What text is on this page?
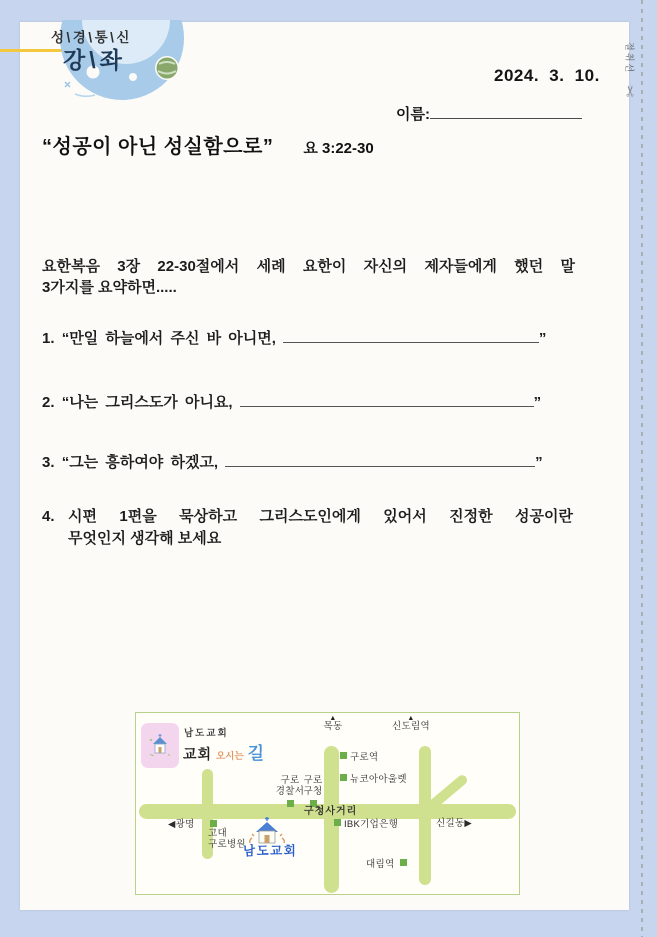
성\경\통\신
강\좌
2024. 3. 10.
이름:
“성공이 아닌 성실함으로” 요 3:22-30
요한복음 3장 22-30절에서 세례 요한이 자신의 제자들에게 했던 말
3가지를 요약하면.....
1. “만일 하늘에서 주신 바 아니면,	”
2. “나는 그리스도가 아니요,	”
3. “그는 흥하여야 하겠고,	”
4. 시편 1편을 묵상하고 그리스도인에게 있어서 진정한 성공이란
무엇인지 생각해 보세요
남도교회
교회 오시는 길
▲
목동
▲
신도림역
구로역
뉴코아아울렛
구로
경찰서
구로
구청
구청사거리
◀광명
고대
구로병원
남도교회
IBK기업은행	신길동▶
대림역
절취선
✂
